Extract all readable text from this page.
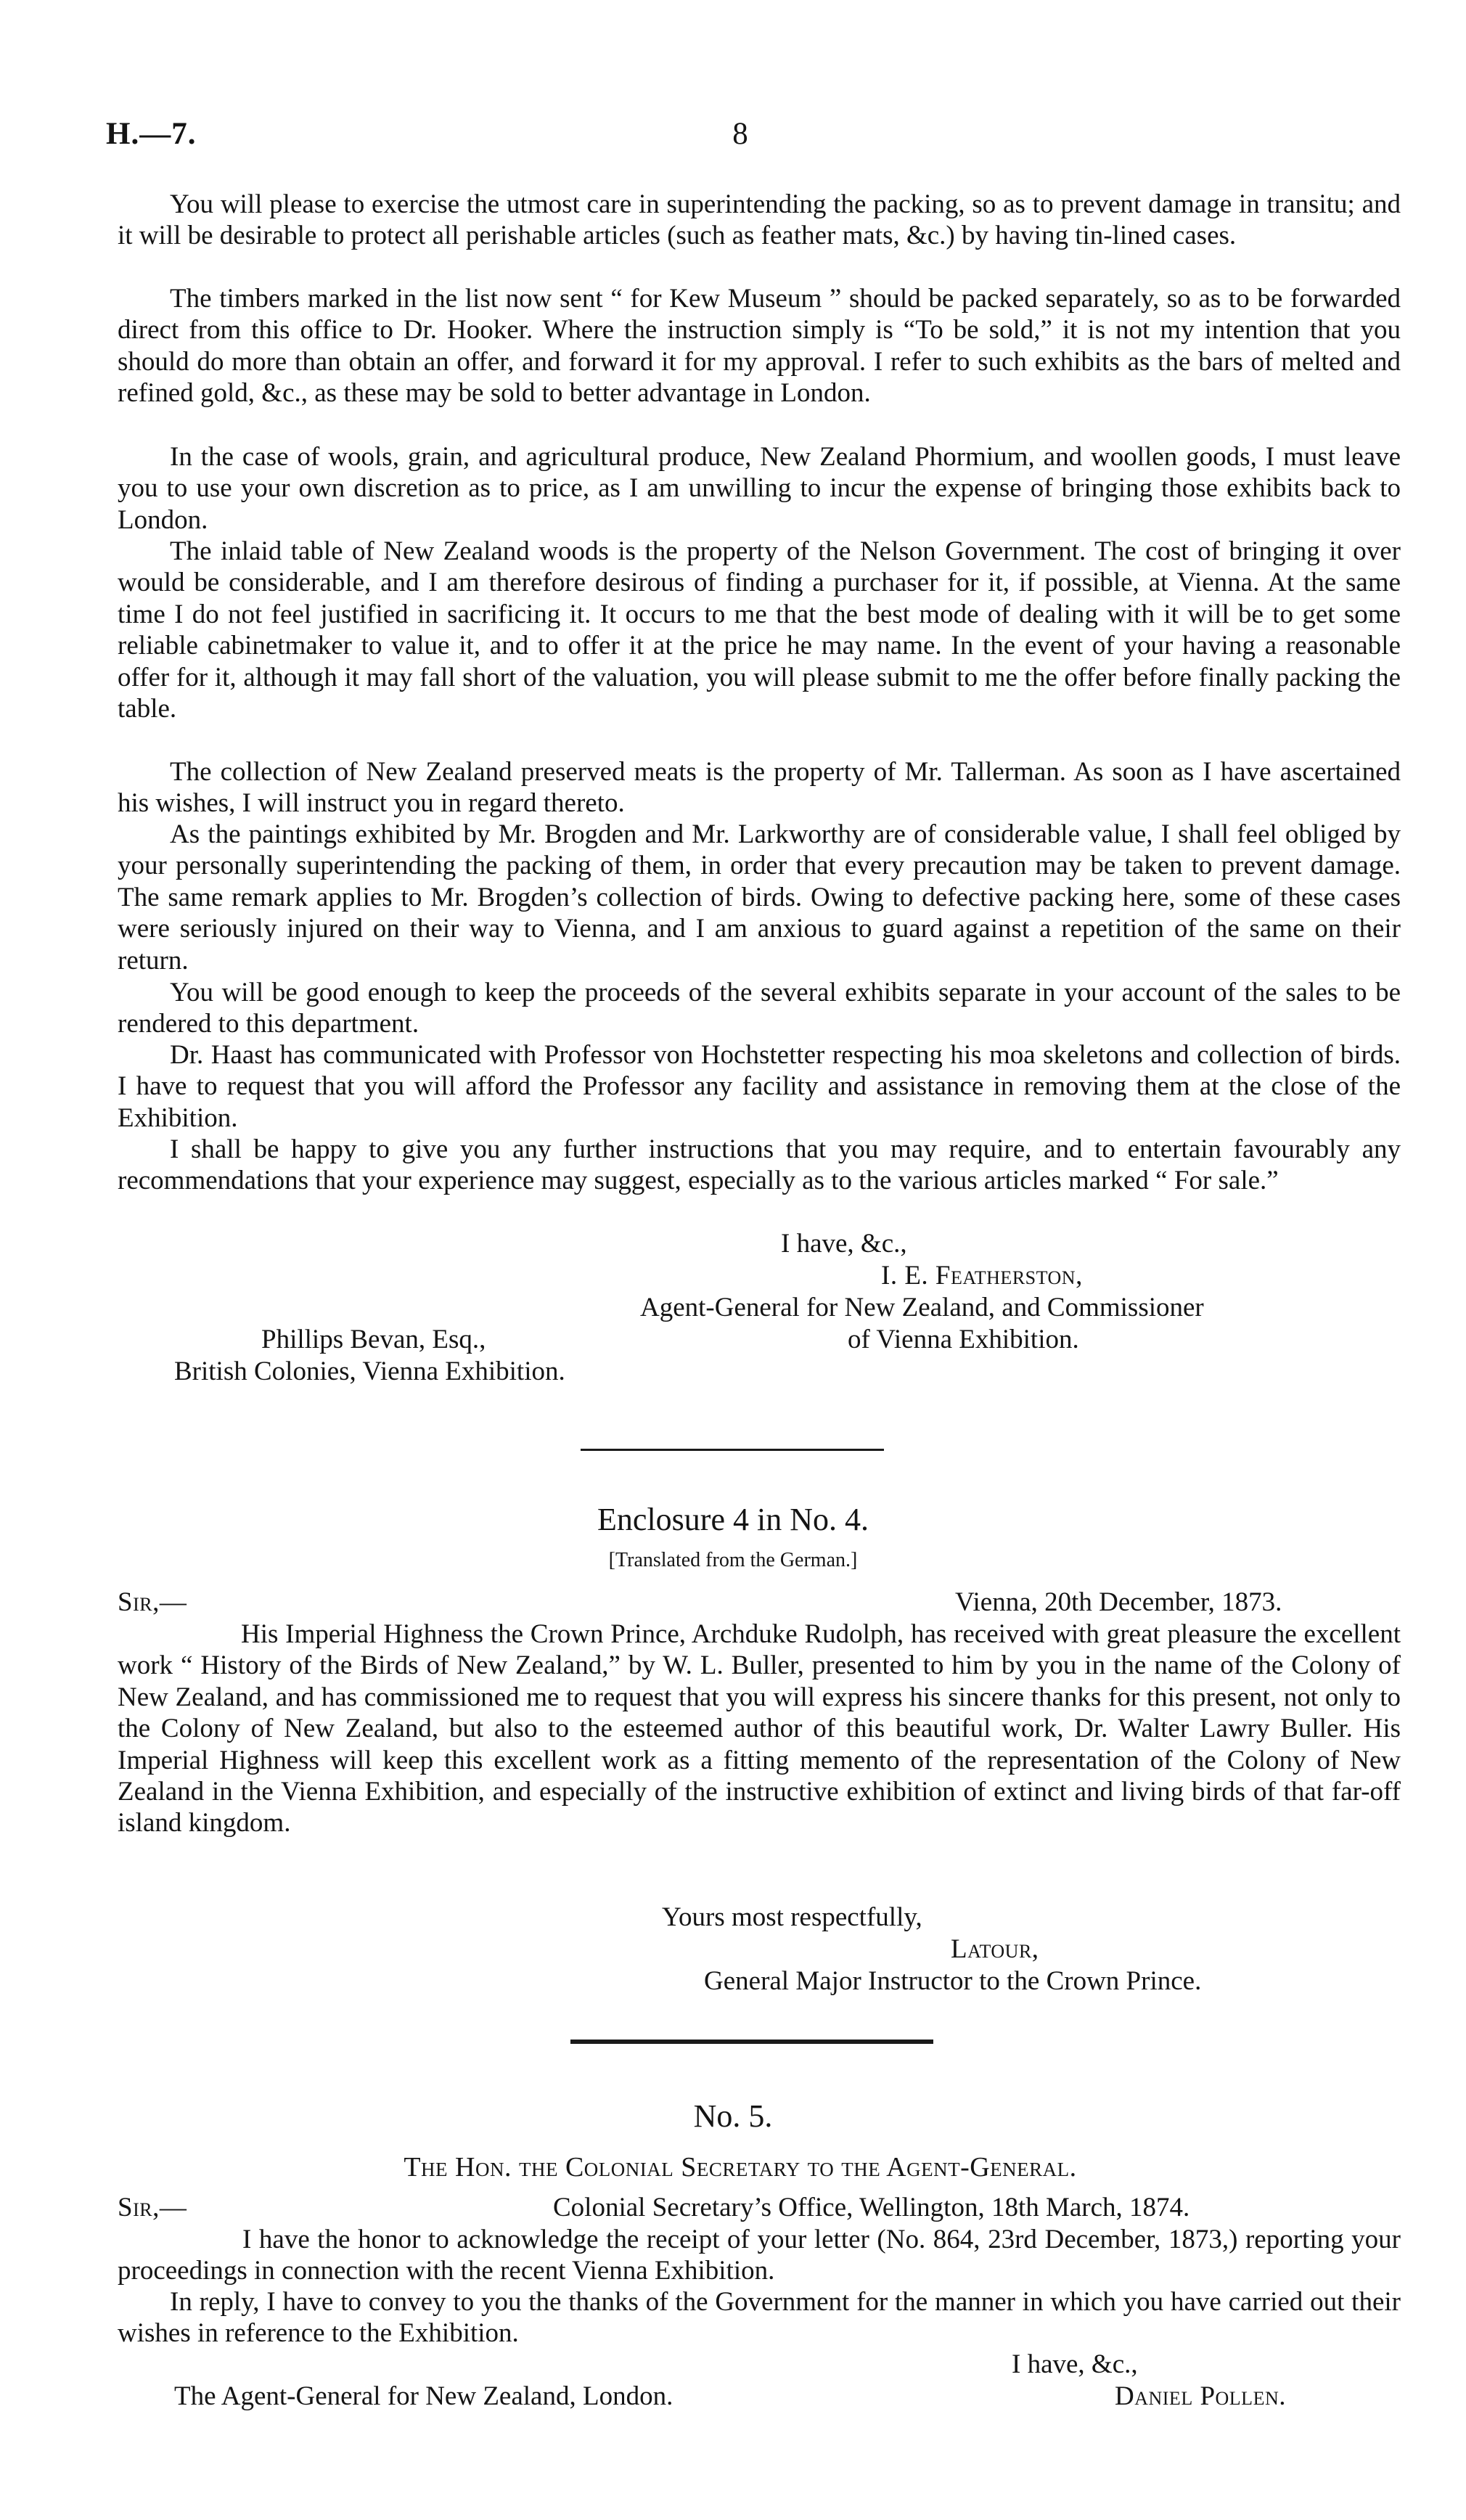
H.—7.	8
You will please to exercise the utmost care in superintending the packing, so as to prevent damage in transitu; and it will be desirable to protect all perishable articles (such as feather mats, &c.) by having tin-lined cases.
The timbers marked in the list now sent “ for Kew Museum ” should be packed separately, so as to be forwarded direct from this office to Dr. Hooker. Where the instruction simply is “To be sold,” it is not my intention that you should do more than obtain an offer, and forward it for my approval. I refer to such exhibits as the bars of melted and refined gold, &c., as these may be sold to better advantage in London.
In the case of wools, grain, and agricultural produce, New Zealand Phormium, and woollen goods, I must leave you to use your own discretion as to price, as I am unwilling to incur the expense of bringing those exhibits back to London.
The inlaid table of New Zealand woods is the property of the Nelson Government. The cost of bringing it over would be considerable, and I am therefore desirous of finding a purchaser for it, if possible, at Vienna. At the same time I do not feel justified in sacrificing it. It occurs to me that the best mode of dealing with it will be to get some reliable cabinetmaker to value it, and to offer it at the price he may name. In the event of your having a reasonable offer for it, although it may fall short of the valuation, you will please submit to me the offer before finally packing the table.
The collection of New Zealand preserved meats is the property of Mr. Tallerman. As soon as I have ascertained his wishes, I will instruct you in regard thereto.
As the paintings exhibited by Mr. Brogden and Mr. Larkworthy are of considerable value, I shall feel obliged by your personally superintending the packing of them, in order that every precaution may be taken to prevent damage. The same remark applies to Mr. Brogden’s collection of birds. Owing to defective packing here, some of these cases were seriously injured on their way to Vienna, and I am anxious to guard against a repetition of the same on their return.
You will be good enough to keep the proceeds of the several exhibits separate in your account of the sales to be rendered to this department.
Dr. Haast has communicated with Professor von Hochstetter respecting his moa skeletons and collection of birds. I have to request that you will afford the Professor any facility and assistance in removing them at the close of the Exhibition.
I shall be happy to give you any further instructions that you may require, and to entertain favourably any recommendations that your experience may suggest, especially as to the various articles marked “ For sale.”
I have, &c.,
I. E. Featherston,
Agent-General for New Zealand, and Commissioner
of Vienna Exhibition.
Phillips Bevan, Esq.,
British Colonies, Vienna Exhibition.
Enclosure 4 in No. 4.
[Translated from the German.]
Sir,—	Vienna, 20th December, 1873.
His Imperial Highness the Crown Prince, Archduke Rudolph, has received with great pleasure the excellent work “ History of the Birds of New Zealand,” by W. L. Buller, presented to him by you in the name of the Colony of New Zealand, and has commissioned me to request that you will express his sincere thanks for this present, not only to the Colony of New Zealand, but also to the esteemed author of this beautiful work, Dr. Walter Lawry Buller. His Imperial Highness will keep this excellent work as a fitting memento of the representation of the Colony of New Zealand in the Vienna Exhibition, and especially of the instructive exhibition of extinct and living birds of that far-off island kingdom.
Yours most respectfully,
Latour,
General Major Instructor to the Crown Prince.
No. 5.
The Hon. the Colonial Secretary to the Agent-General.
Sir,—	Colonial Secretary’s Office, Wellington, 18th March, 1874.
I have the honor to acknowledge the receipt of your letter (No. 864, 23rd December, 1873,) reporting your proceedings in connection with the recent Vienna Exhibition.
In reply, I have to convey to you the thanks of the Government for the manner in which you have carried out their wishes in reference to the Exhibition.
I have, &c.,
The Agent-General for New Zealand, London.	Daniel Pollen.
